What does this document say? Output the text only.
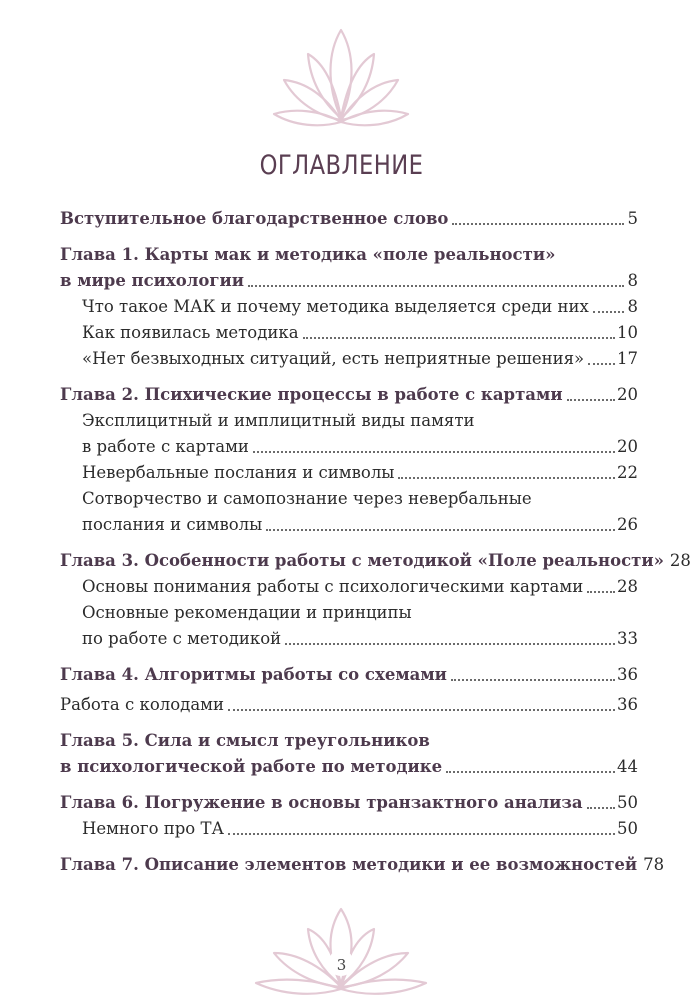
ОГЛАВЛЕНИЕ
Вступительное благодарственное слово	5
Глава 1. Карты мак и методика «поле реальности»
в мире психологии	8
Что такое МАК и почему методика выделяется среди них 8
Как появилась методика	10
«Нет безвыходных ситуаций, есть неприятные решения» 17
Глава 2. Психические процессы в работе с картами	20
Эксплицитный и имплицитный виды памяти
в работе с картами	20
Невербальные послания и символы	22
Сотворчество и самопознание через невербальные
послания и символы	26
Глава 3. Особенности работы с методикой «Поле реальности» 28
Основы понимания работы с психологическими картами 28
Основные рекомендации и принципы
по работе с методикой	33
Глава 4. Алгоритмы работы со схемами	36
Работа с колодами	36
Глава 5. Сила и смысл треугольников
в психологической работе по методике	44
Глава 6. Погружение в основы транзактного анализа 50
Немного про ТА	50
Глава 7. Описание элементов методики и ее возможностей 78
3
